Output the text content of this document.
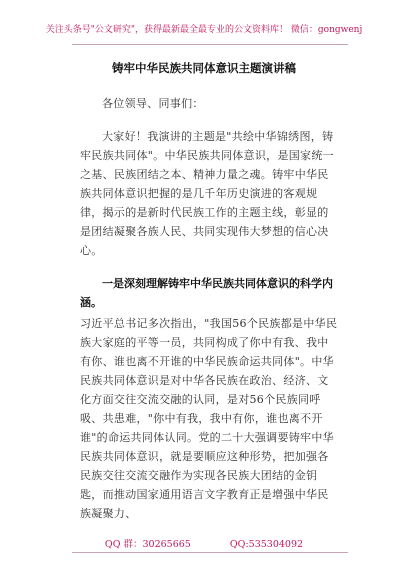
关注头条号"公文研究"，获得最新最全最专业的公文资料库！ 微信：gongwenj
铸牢中华民族共同体意识主题演讲稿

各位领导、同事们：

大家好！我演讲的主题是"共绘中华锦绣图，铸牢民族共同体"。中华民族共同体意识，是国家统一之基、民族团结之本、精神力量之魂。铸牢中华民族共同体意识把握的是几千年历史演进的客观规律，揭示的是新时代民族工作的主题主线，彰显的是团结凝聚各族人民、共同实现伟大梦想的信心决心。

一是深刻理解铸牢中华民族共同体意识的科学内涵。

习近平总书记多次指出，"我国56个民族都是中华民族大家庭的平等一员，共同构成了你中有我、我中有你、谁也离不开谁的中华民族命运共同体"。中华民族共同体意识是对中华各民族在政治、经济、文化方面交往交流交融的认同，是对56个民族同呼吸、共患难，"你中有我，我中有你，谁也离不开谁"的命运共同体认同。党的二十大强调要铸牢中华民族共同体意识，就是要顺应这种形势，把加强各民族交往交流交融作为实现各民族大团结的金钥匙，而推动国家通用语言文字教育正是增强中华民族凝聚力、

QQ 群：30265665	QQ:535304092
